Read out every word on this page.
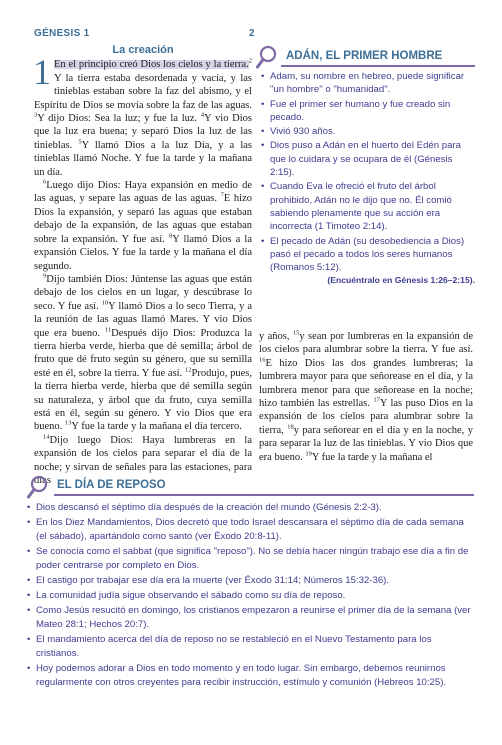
GÉNESIS 1	2
La creación

1 En el principio creó Dios los cielos y la tierra.$^2$ Y la tierra estaba desordenada y vacía, y las tinieblas estaban sobre la faz del abismo, y el Espíritu de Dios se movía sobre la faz de las aguas. $^3$Y dijo Dios: Sea la luz; y fue la luz. $^4$Y vio Dios que la luz era buena; y separó Dios la luz de las tinieblas. $^5$Y llamó Dios a la luz Día, y a las tinieblas llamó Noche. Y fue la tarde y la mañana un día.

$^6$Luego dijo Dios: Haya expansión en medio de las aguas, y separe las aguas de las aguas. $^7$E hizo Dios la expansión, y separó las aguas que estaban debajo de la expansión, de las aguas que estaban sobre la expansión. Y fue así. $^8$Y llamó Dios a la expansión Cielos. Y fue la tarde y la mañana el día segundo.

$^9$Dijo también Dios: Júntense las aguas que están debajo de los cielos en un lugar, y descúbrase lo seco. Y fue así. $^{10}$Y llamó Dios a lo seco Tierra, y a la reunión de las aguas llamó Mares. Y vio Dios que era bueno. $^{11}$Después dijo Dios: Produzca la tierra hierba verde, hierba que dé semilla; árbol de fruto que dé fruto según su género, que su semilla esté en él, sobre la tierra. Y fue así. $^{12}$Produjo, pues, la tierra hierba verde, hierba que dé semilla según su naturaleza, y árbol que da fruto, cuya semilla está en él, según su género. Y vio Dios que era bueno. $^{13}$Y fue la tarde y la mañana el día tercero.

$^{14}$Dijo luego Dios: Haya lumbreras en la expansión de los cielos para separar el día de la noche; y sirvan de señales para las estaciones, para días

ADÁN, EL PRIMER HOMBRE
• Adam, su nombre en hebreo, puede significar "un hombre" o "humanidad".
• Fue el primer ser humano y fue creado sin pecado.
• Vivió 930 años.
• Dios puso a Adán en el huerto del Edén para que lo cuidara y se ocupara de él (Génesis 2:15).
• Cuando Eva le ofreció el fruto del árbol prohibido, Adán no le dijo que no. Él comió sabiendo plenamente que su acción era incorrecta (1 Timoteo 2:14).
• El pecado de Adán (su desobediencia a Dios) pasó el pecado a todos los seres humanos (Romanos 5:12).
(Encuéntralo en Génesis 1:26–2:15).

y años, $^{15}$y sean por lumbreras en la expansión de los cielos para alumbrar sobre la tierra. Y fue así. $^{16}$E hizo Dios las dos grandes lumbreras; la lumbrera mayor para que señorease en el día, y la lumbrera menor para que señorease en la noche; hizo también las estrellas. $^{17}$Y las puso Dios en la expansión de los cielos para alumbrar sobre la tierra, $^{18}$y para señorear en el día y en la noche, y para separar la luz de las tinieblas. Y vio Dios que era bueno. $^{19}$Y fue la tarde y la mañana el

EL DÍA DE REPOSO
• Dios descansó el séptimo día después de la creación del mundo (Génesis 2:2-3).
• En los Diez Mandamientos, Dios decretó que todo Israel descansara el séptimo día de cada semana (el sábado), apartándolo como santo (ver Éxodo 20:8-11).
• Se conocía como el sabbat (que significa "reposo"). No se debía hacer ningún trabajo ese día a fin de poder centrarse por completo en Dios.
• El castigo por trabajar ese día era la muerte (ver Éxodo 31:14; Números 15:32-36).
• La comunidad judía sigue observando el sábado como su día de reposo.
• Como Jesús resucitó en domingo, los cristianos empezaron a reunirse el primer día de la semana (ver Mateo 28:1; Hechos 20:7).
• El mandamiento acerca del día de reposo no se restableció en el Nuevo Testamento para los cristianos.
• Hoy podemos adorar a Dios en todo momento y en todo lugar. Sin embargo, debemos reunirnos regularmente con otros creyentes para recibir instrucción, estímulo y comunión (Hebreos 10:25).
